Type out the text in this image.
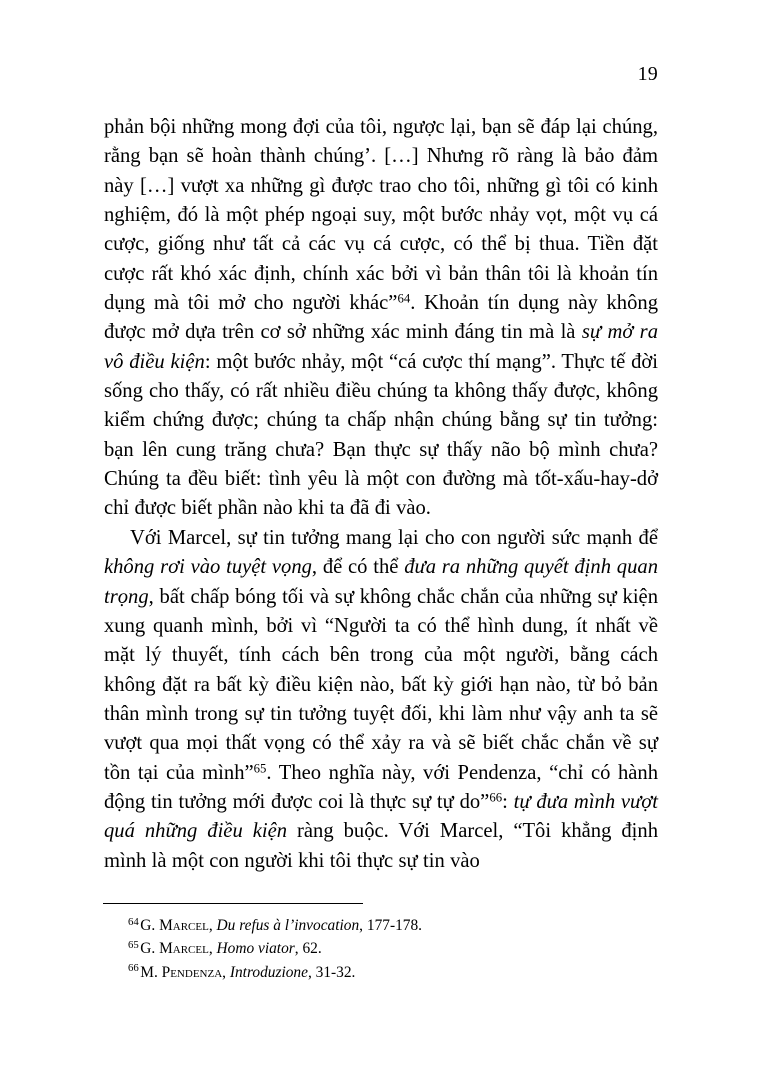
19

phản bội những mong đợi của tôi, ngược lại, bạn sẽ đáp lại chúng, rằng bạn sẽ hoàn thành chúng’. […] Nhưng rõ ràng là bảo đảm này […] vượt xa những gì được trao cho tôi, những gì tôi có kinh nghiệm, đó là một phép ngoại suy, một bước nhảy vọt, một vụ cá cược, giống như tất cả các vụ cá cược, có thể bị thua. Tiền đặt cược rất khó xác định, chính xác bởi vì bản thân tôi là khoản tín dụng mà tôi mở cho người khác”$^{64}$. Khoản tín dụng này không được mở dựa trên cơ sở những xác minh đáng tin mà là sự mở ra vô điều kiện: một bước nhảy, một “cá cược thí mạng”. Thực tế đời sống cho thấy, có rất nhiều điều chúng ta không thấy được, không kiểm chứng được; chúng ta chấp nhận chúng bằng sự tin tưởng: bạn lên cung trăng chưa? Bạn thực sự thấy não bộ mình chưa? Chúng ta đều biết: tình yêu là một con đường mà tốt-xấu-hay-dở chỉ được biết phần nào khi ta đã đi vào.

Với Marcel, sự tin tưởng mang lại cho con người sức mạnh để không rơi vào tuyệt vọng, để có thể đưa ra những quyết định quan trọng, bất chấp bóng tối và sự không chắc chắn của những sự kiện xung quanh mình, bởi vì “Người ta có thể hình dung, ít nhất về mặt lý thuyết, tính cách bên trong của một người, bằng cách không đặt ra bất kỳ điều kiện nào, bất kỳ giới hạn nào, từ bỏ bản thân mình trong sự tin tưởng tuyệt đối, khi làm như vậy anh ta sẽ vượt qua mọi thất vọng có thể xảy ra và sẽ biết chắc chắn về sự tồn tại của mình”$^{65}$. Theo nghĩa này, với Pendenza, “chỉ có hành động tin tưởng mới được coi là thực sự tự do”$^{66}$: tự đưa mình vượt quá những điều kiện ràng buộc. Với Marcel, “Tôi khẳng định mình là một con người khi tôi thực sự tin vào

$^{64}$G. Marcel, Du refus à l’invocation, 177-178.

$^{65}$G. Marcel, Homo viator, 62.

$^{66}$M. Pendenza, Introduzione, 31-32.
